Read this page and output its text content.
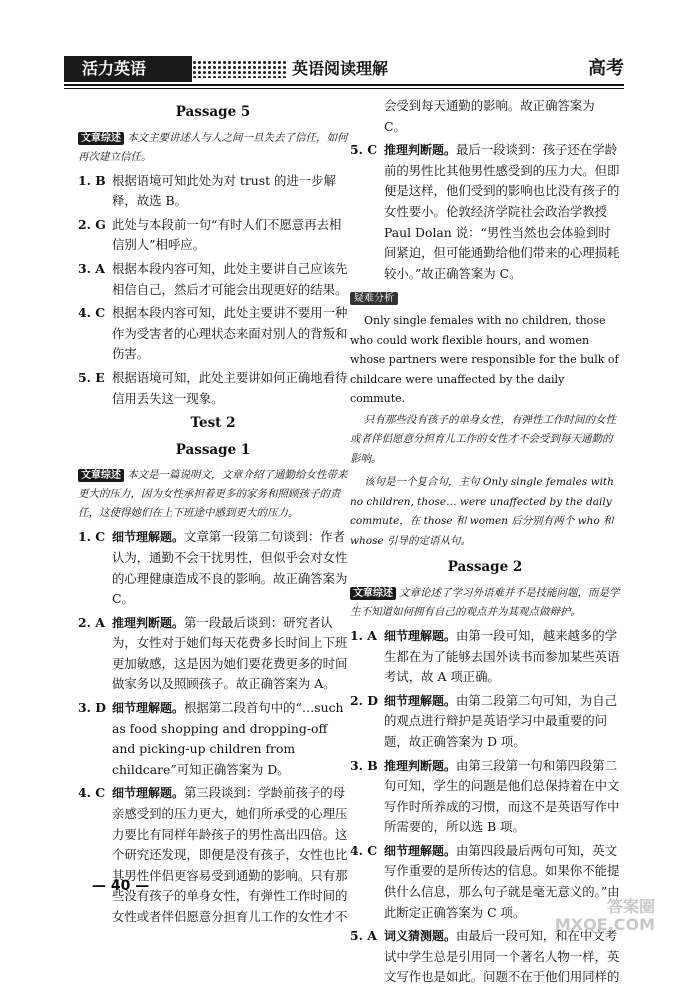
活力英语	英语阅读理解	高考
Passage 5
文章综述 本文主要讲述人与人之间一旦失去了信任，如何再次建立信任。
1. B 根据语境可知此处为对 trust 的进一步解释，故选 B。
2. G 此处与本段前一句“有时人们不愿意再去相信别人”相呼应。
3. A 根据本段内容可知，此处主要讲自己应该先相信自己，然后才可能会出现更好的结果。
4. C 根据本段内容可知，此处主要讲不要用一种作为受害者的心理状态来面对别人的背叛和伤害。
5. E 根据语境可知，此处主要讲如何正确地看待信用丢失这一现象。
Test 2
Passage 1
文章综述 本文是一篇说明文，文章介绍了通勤给女性带来更大的压力，因为女性承担着更多的家务和照顾孩子的责任，这使得她们在上下班途中感到更大的压力。
1. C 细节理解题。文章第一段第二句谈到：作者认为，通勤不会干扰男性，但似乎会对女性的心理健康造成不良的影响。故正确答案为 C。
2. A 推理判断题。第一段最后谈到：研究者认为，女性对于她们每天花费多长时间上下班更加敏感，这是因为她们要花费更多的时间做家务以及照顾孩子。故正确答案为 A。
3. D 细节理解题。根据第二段首句中的“…such as food shopping and dropping-off and picking-up children from childcare”可知正确答案为 D。
4. C 细节理解题。第三段谈到：学龄前孩子的母亲感受到的压力更大，她们所承受的心理压力要比有同样年龄孩子的男性高出四倍。这个研究还发现，即便是没有孩子，女性也比其男性伴侣更容易受到通勤的影响。只有那些没有孩子的单身女性，有弹性工作时间的女性或者伴侣愿意分担育儿工作的女性才不
会受到每天通勤的影响。故正确答案为 C。
5. C 推理判断题。最后一段谈到：孩子还在学龄前的男性比其他男性感受到的压力大。但即便是这样，他们受到的影响也比没有孩子的女性要小。伦敦经济学院社会政治学教授 Paul Dolan 说：“男性当然也会体验到时间紧迫，但可能通勤给他们带来的心理损耗较小。”故正确答案为 C。
疑难分析

Only single females with no children, those who could work flexible hours, and women whose partners were responsible for the bulk of childcare were unaffected by the daily commute.

只有那些没有孩子的单身女性，有弹性工作时间的女性或者伴侣愿意分担育儿工作的女性才不会受到每天通勤的影响。

该句是一个复合句，主句 Only single females with no children, those… were unaffected by the daily commute，在 those 和 women 后分别有两个 who 和 whose 引导的定语从句。

Passage 2
文章综述 文章论述了学习外语难并不是技能问题，而是学生不知道如何拥有自己的观点并为其观点做辩护。
1. A 细节理解题。由第一段可知，越来越多的学生都在为了能够去国外读书而参加某些英语考试，故 A 项正确。
2. D 细节理解题。由第二段第二句可知，为自己的观点进行辩护是英语学习中最重要的问题，故正确答案为 D 项。
3. B 推理判断题。由第三段第一句和第四段第二句可知，学生的问题是他们总保持着在中文写作时所养成的习惯，而这不是英语写作中所需要的，所以选 B 项。
4. C 细节理解题。由第四段最后两句可知，英文写作重要的是所传达的信息。如果你不能提供什么信息，那么句子就是毫无意义的。”由此断定正确答案为 C 项。
5. A 词义猜测题。由最后一段可知，和在中文考试中学生总是引用同一个著名人物一样，英文写作也是如此。问题不在于他们用同样的
— 40 —
答案圈
MXQE.COM
